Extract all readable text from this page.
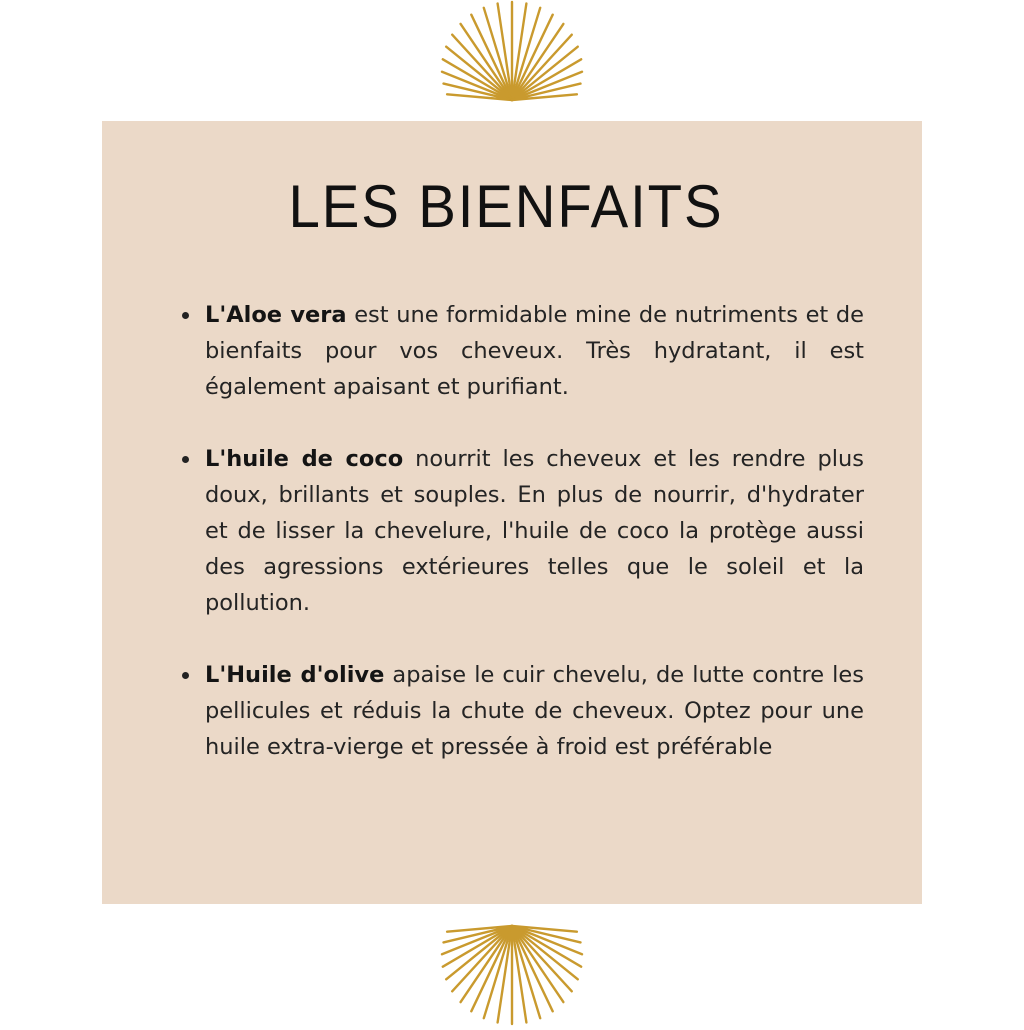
LES BIENFAITS
L'Aloe vera est une formidable mine de nutriments et de bienfaits pour vos cheveux. Très hydratant, il est également apaisant et purifiant.
L'huile de coco nourrit les cheveux et les rendre plus doux, brillants et souples. En plus de nourrir, d'hydrater et de lisser la chevelure, l'huile de coco la protège aussi des agressions extérieures telles que le soleil et la pollution.
L'Huile d'olive apaise le cuir chevelu, de lutte contre les pellicules et réduis la chute de cheveux. Optez pour une huile extra-vierge et pressée à froid est préférable
